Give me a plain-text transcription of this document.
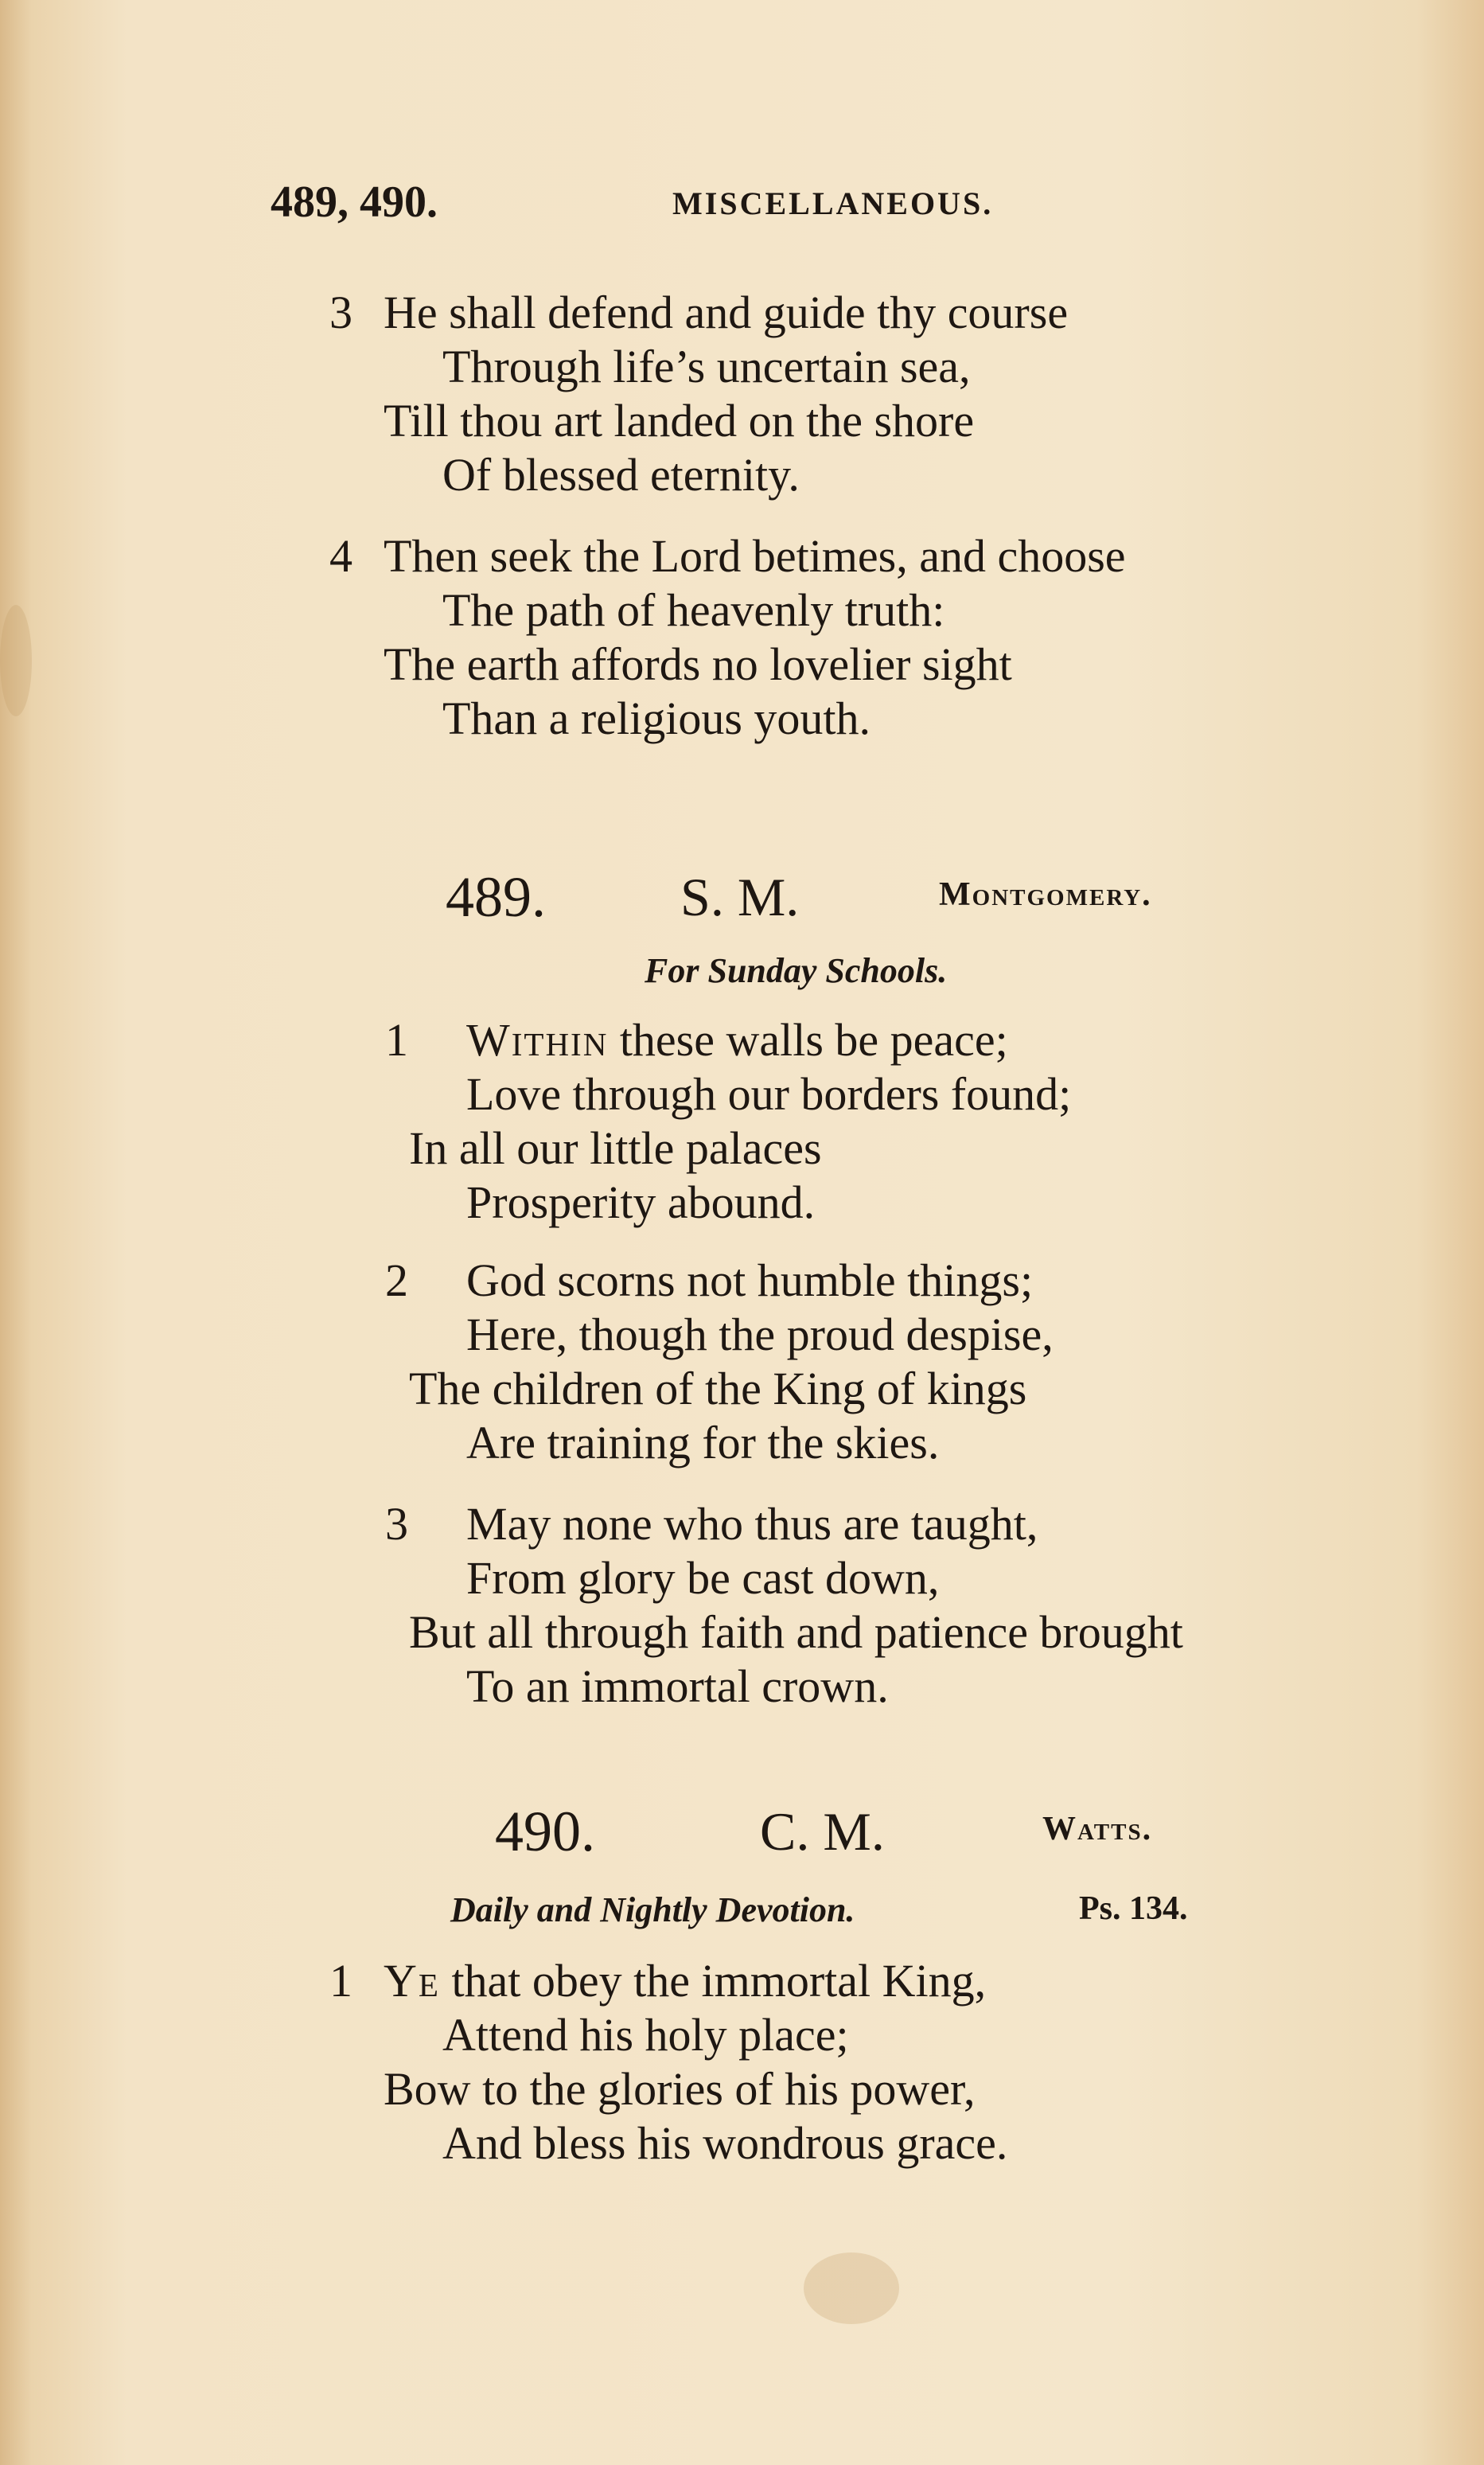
489, 490.	MISCELLANEOUS.
3 He shall defend and guide thy course
Through life’s uncertain sea,
Till thou art landed on the shore
Of blessed eternity.
4 Then seek the Lord betimes, and choose
The path of heavenly truth:
The earth affords no lovelier sight
Than a religious youth.
489. S. M.	Montgomery.
For Sunday Schools.
1 Within these walls be peace;
Love through our borders found;
In all our little palaces
Prosperity abound.
2 God scorns not humble things;
Here, though the proud despise,
The children of the King of kings
Are training for the skies.
3 May none who thus are taught,
From glory be cast down,
But all through faith and patience brought
To an immortal crown.
490.	C. M.	Watts.
Daily and Nightly Devotion.	Ps. 134.
1 Ye that obey the immortal King,
Attend his holy place;
Bow to the glories of his power,
And bless his wondrous grace.
